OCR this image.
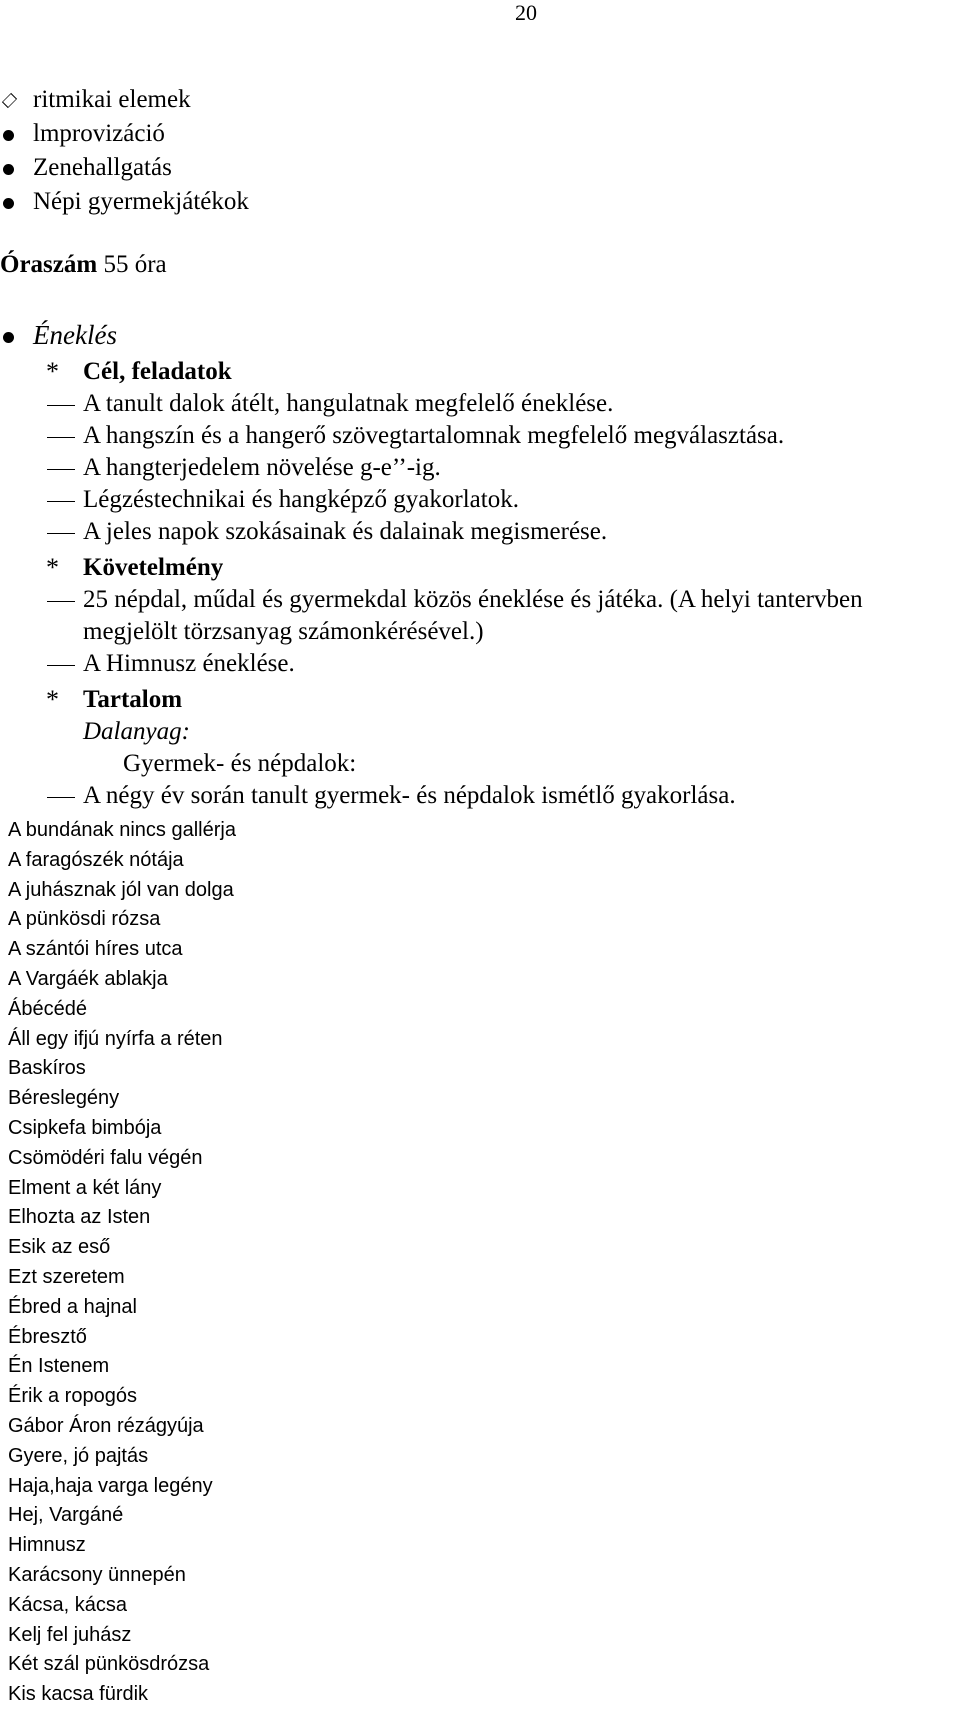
20
ritmikai elemek
lmprovizáció
Zenehallgatás
Népi gyermekjátékok
Óraszám 55 óra
Éneklés
* Cél, feladatok
A tanult dalok átélt, hangulatnak megfelelő éneklése.
A hangszín és a hangerő szövegtartalomnak megfelelő megválasztása.
A hangterjedelem növelése g-e’’-ig.
Légzéstechnikai és hangképző gyakorlatok.
A jeles napok szokásainak és dalainak megismerése.
* Követelmény
25 népdal, műdal és gyermekdal közös éneklése és játéka. (A helyi tantervben
megjelölt törzsanyag számonkérésével.)
A Himnusz éneklése.
* Tartalom
Dalanyag:
Gyermek- és népdalok:
A négy év során tanult gyermek- és népdalok ismétlő gyakorlása.
A bundának nincs gallérja
A faragószék nótája
A juhásznak jól van dolga
A pünkösdi rózsa
A szántói híres utca
A Vargáék ablakja
Ábécédé
Áll egy ifjú nyírfa a réten
Baskíros
Béreslegény
Csipkefa bimbója
Csömödéri falu végén
Elment a két lány
Elhozta az Isten
Esik az eső
Ezt szeretem
Ébred a hajnal
Ébresztő
Én Istenem
Érik a ropogós
Gábor Áron rézágyúja
Gyere, jó pajtás
Haja,haja varga legény
Hej, Vargáné
Himnusz
Karácsony ünnepén
Kácsa, kácsa
Kelj fel juhász
Két szál pünkösdrózsa
Kis kacsa fürdik
